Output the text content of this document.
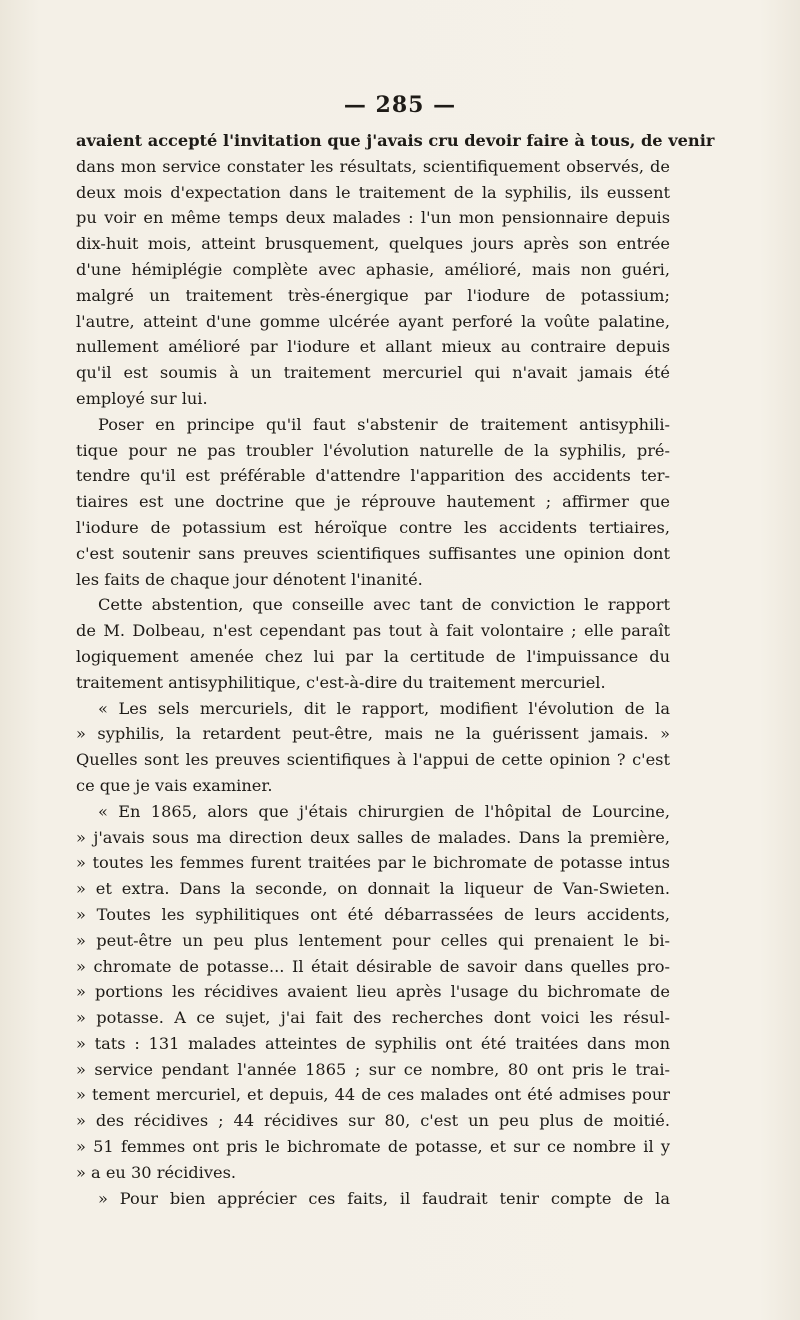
— 285 —
avaient accepté l'invitation que j'avais cru devoir faire à tous, de venir
dans mon service constater les résultats, scientifiquement observés, de
deux mois d'expectation dans le traitement de la syphilis, ils eussent
pu voir en même temps deux malades : l'un mon pensionnaire depuis
dix-huit mois, atteint brusquement, quelques jours après son entrée
d'une hémiplégie complète avec aphasie, amélioré, mais non guéri,
malgré un traitement très-énergique par l'iodure de potassium;
l'autre, atteint d'une gomme ulcérée ayant perforé la voûte palatine,
nullement amélioré par l'iodure et allant mieux au contraire depuis
qu'il est soumis à un traitement mercuriel qui n'avait jamais été
employé sur lui.
Poser en principe qu'il faut s'abstenir de traitement antisyphili-
tique pour ne pas troubler l'évolution naturelle de la syphilis, pré-
tendre qu'il est préférable d'attendre l'apparition des accidents ter-
tiaires est une doctrine que je réprouve hautement ; affirmer que
l'iodure de potassium est héroïque contre les accidents tertiaires,
c'est soutenir sans preuves scientifiques suffisantes une opinion dont
les faits de chaque jour dénotent l'inanité.
Cette abstention, que conseille avec tant de conviction le rapport
de M. Dolbeau, n'est cependant pas tout à fait volontaire ; elle paraît
logiquement amenée chez lui par la certitude de l'impuissance du
traitement antisyphilitique, c'est-à-dire du traitement mercuriel.
« Les sels mercuriels, dit le rapport, modifient l'évolution de la
» syphilis, la retardent peut-être, mais ne la guérissent jamais. »
Quelles sont les preuves scientifiques à l'appui de cette opinion ? c'est
ce que je vais examiner.
« En 1865, alors que j'étais chirurgien de l'hôpital de Lourcine,
» j'avais sous ma direction deux salles de malades. Dans la première,
» toutes les femmes furent traitées par le bichromate de potasse intus
» et extra. Dans la seconde, on donnait la liqueur de Van-Swieten.
» Toutes les syphilitiques ont été débarrassées de leurs accidents,
» peut-être un peu plus lentement pour celles qui prenaient le bi-
» chromate de potasse... Il était désirable de savoir dans quelles pro-
» portions les récidives avaient lieu après l'usage du bichromate de
» potasse. A ce sujet, j'ai fait des recherches dont voici les résul-
» tats : 131 malades atteintes de syphilis ont été traitées dans mon
» service pendant l'année 1865 ; sur ce nombre, 80 ont pris le trai-
» tement mercuriel, et depuis, 44 de ces malades ont été admises pour
» des récidives ; 44 récidives sur 80, c'est un peu plus de moitié.
» 51 femmes ont pris le bichromate de potasse, et sur ce nombre il y
» a eu 30 récidives.
» Pour bien apprécier ces faits, il faudrait tenir compte de la
